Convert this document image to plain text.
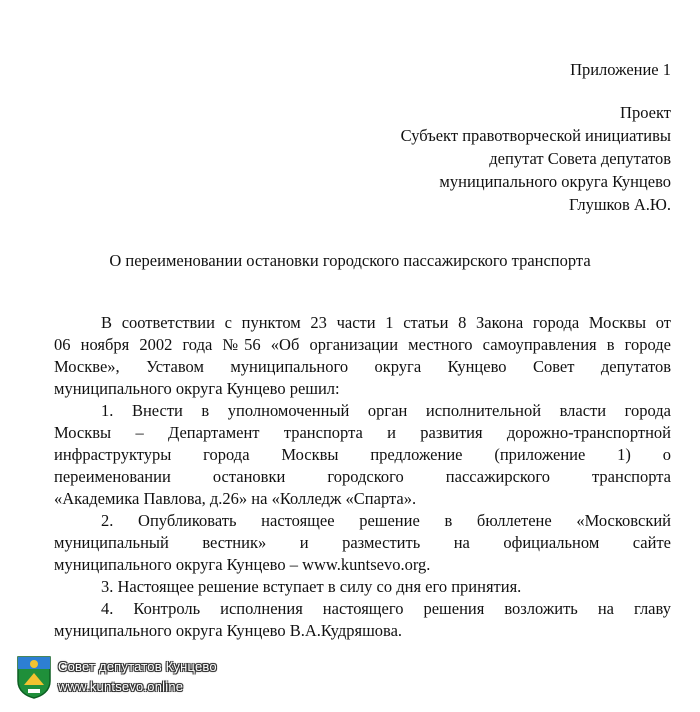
Приложение 1
Проект
Субъект правотворческой инициативы
депутат Совета депутатов
муниципального округа Кунцево
Глушков А.Ю.
О переименовании остановки городского пассажирского транспорта
В соответствии с пунктом 23 части 1 статьи 8 Закона города Москвы от
06 ноября 2002 года №56 «Об организации местного самоуправления в городе
Москве», Уставом муниципального округа Кунцево Совет депутатов
муниципального округа Кунцево решил:
1. Внести в уполномоченный орган исполнительной власти города
Москвы – Департамент транспорта и развития дорожно-транспортной
инфраструктуры города Москвы предложение (приложение 1) о
переименовании остановки городского пассажирского транспорта
«Академика Павлова, д.26» на «Колледж «Спарта».
2. Опубликовать настоящее решение в бюллетене «Московский
муниципальный вестник» и разместить на официальном сайте
муниципального округа Кунцево – www.kuntsevo.org.
3. Настоящее решение вступает в силу со дня его принятия.
4. Контроль исполнения настоящего решения возложить на главу
муниципального округа Кунцево В.А.Кудряшова.
Совет депутатов Кунцево
www.kuntsevo.online
